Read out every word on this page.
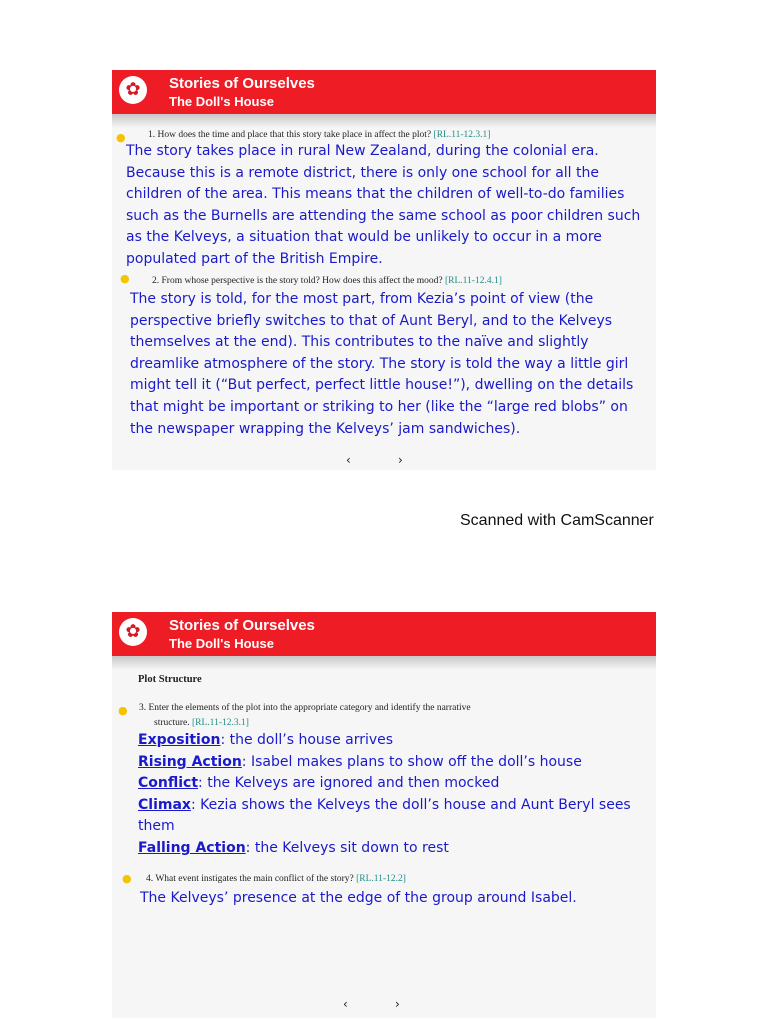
✿	Stories of Ourselves
The Doll's House
● 1. How does the time and place that this story take place in affect the plot? [RL.11-12.3.1]

The story takes place in rural New Zealand, during the colonial era. Because this is a remote district, there is only one school for all the children of the area. This means that the children of well-to-do families such as the Burnells are attending the same school as poor children such as the Kelveys, a situation that would be unlikely to occur in a more populated part of the British Empire.

● 2. From whose perspective is the story told? How does this affect the mood? [RL.11-12.4.1]

The story is told, for the most part, from Kezia’s point of view (the perspective briefly switches to that of Aunt Beryl, and to the Kelveys themselves at the end). This contributes to the naïve and slightly dreamlike atmosphere of the story. The story is told the way a little girl might tell it (“But perfect, perfect little house!”), dwelling on the details that might be important or striking to her (like the “large red blobs” on the newspaper wrapping the Kelveys’ jam sandwiches).

‹	›
Scanned with CamScanner
✿	Stories of Ourselves
The Doll's House
Plot Structure
● 3. Enter the elements of the plot into the appropriate category and identify the narrative
structure. [RL.11-12.3.1]
Exposition: the doll’s house arrives
Rising Action: Isabel makes plans to show off the doll’s house
Conflict: the Kelveys are ignored and then mocked
Climax: Kezia shows the Kelveys the doll’s house and Aunt Beryl sees them
Falling Action: the Kelveys sit down to rest
● 4. What event instigates the main conflict of the story? [RL.11-12.2]

The Kelveys’ presence at the edge of the group around Isabel.

‹	›
